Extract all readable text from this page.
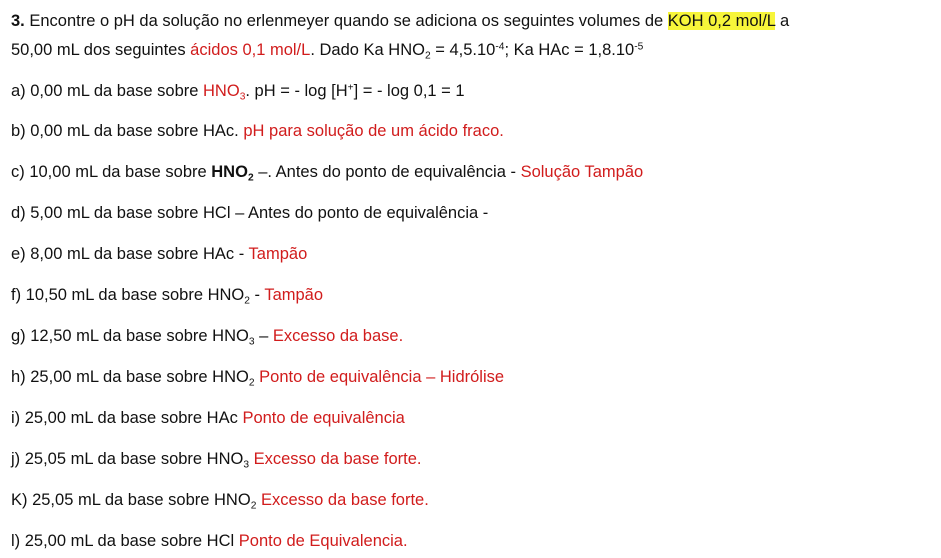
3. Encontre o pH da solução no erlenmeyer quando se adiciona os seguintes volumes de KOH 0,2 mol/L a
50,00 mL dos seguintes ácidos 0,1 mol/L. Dado Ka $HNO_2 = 4,5.10^{-4}$; Ka HAc = $1,8.10^{-5}$
a) 0,00 mL da base sobre $HNO_3$. pH = - log [H+] = - log 0,1 = 1
b) 0,00 mL da base sobre HAc. pH para solução de um ácido fraco.
c) 10,00 mL da base sobre $HNO_2$ –. Antes do ponto de equivalência - Solução Tampão
d) 5,00 mL da base sobre HCl – Antes do ponto de equivalência -
e) 8,00 mL da base sobre HAc - Tampão
f) 10,50 mL da base sobre $HNO_2$ - Tampão
g) 12,50 mL da base sobre $HNO_3$ – Excesso da base.
h) 25,00 mL da base sobre $HNO_2$ Ponto de equivalência – Hidrólise
i) 25,00 mL da base sobre HAc Ponto de equivalência
j) 25,05 mL da base sobre $HNO_3$ Excesso da base forte.
K) 25,05 mL da base sobre $HNO_2$ Excesso da base forte.
l) 25,00 mL da base sobre HCl Ponto de Equivalencia.
